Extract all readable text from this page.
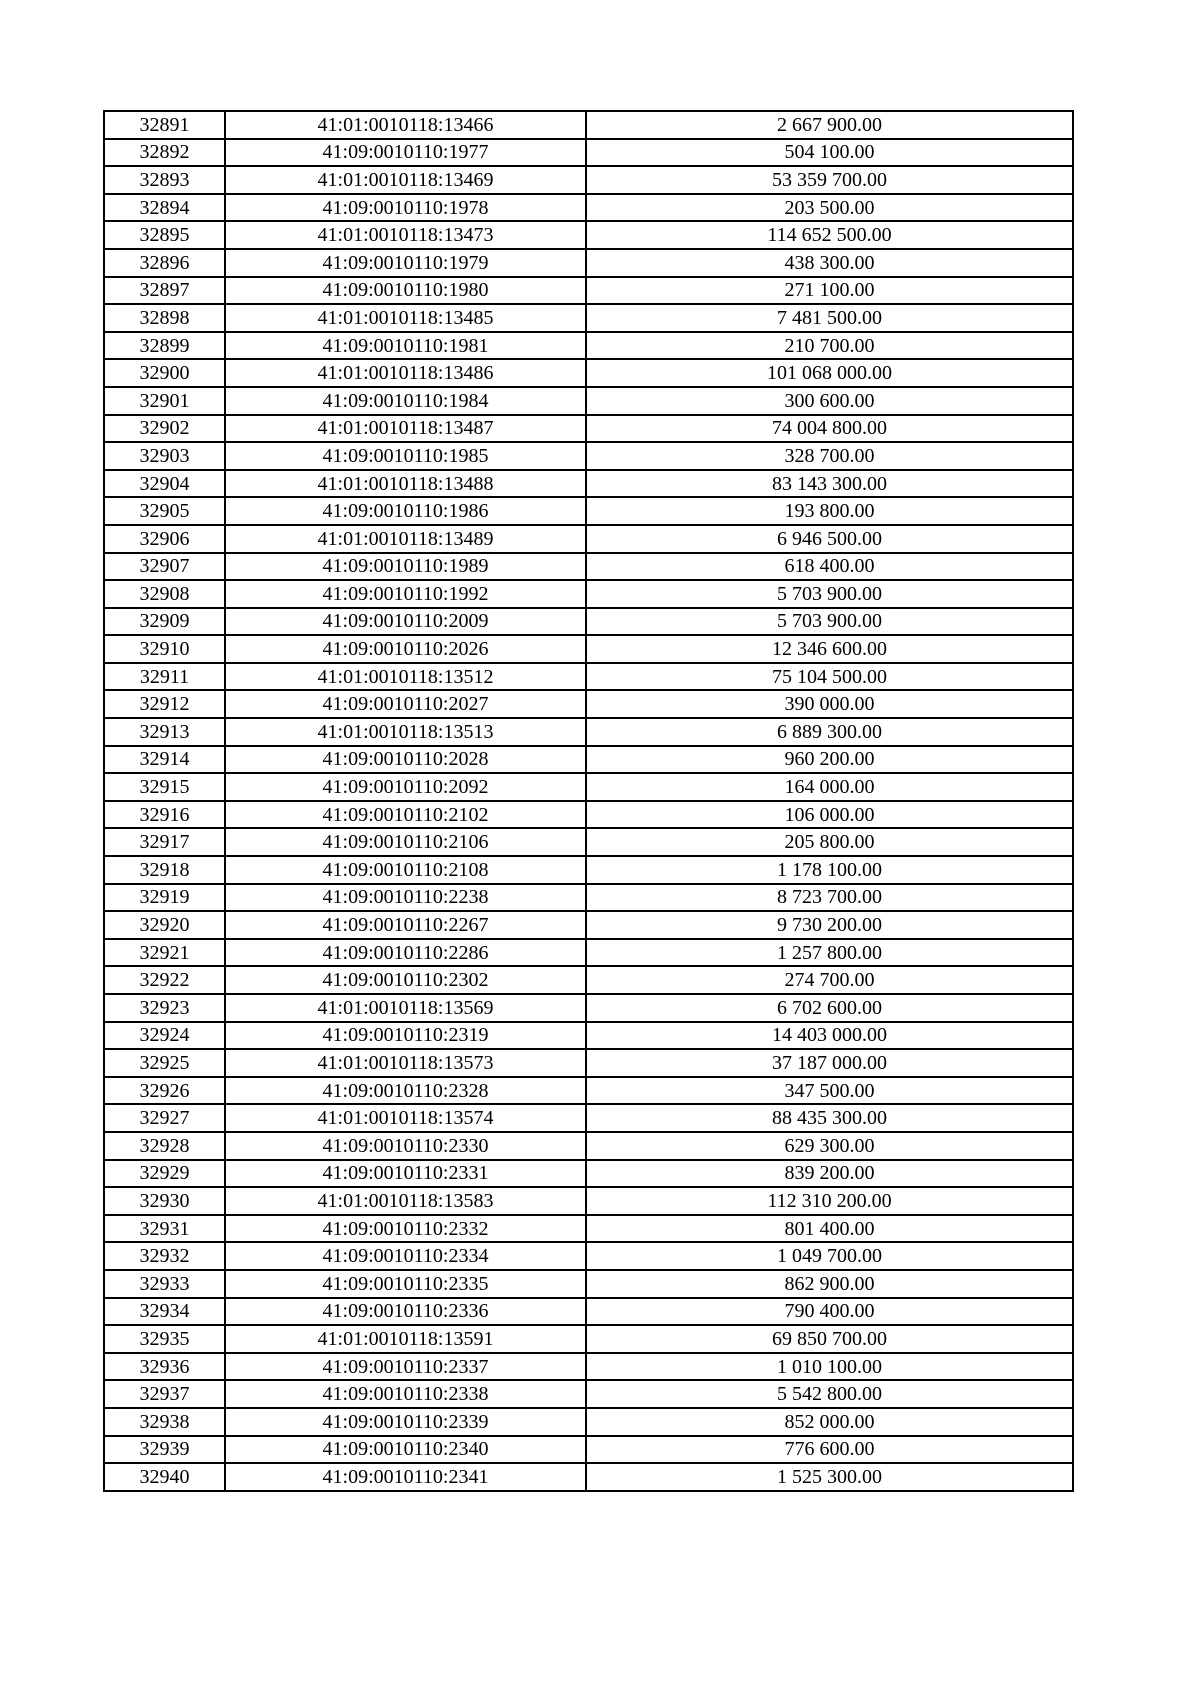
32891	41:01:0010118:13466	2 667 900.00
32892	41:09:0010110:1977	504 100.00
32893	41:01:0010118:13469	53 359 700.00
32894	41:09:0010110:1978	203 500.00
32895	41:01:0010118:13473	114 652 500.00
32896	41:09:0010110:1979	438 300.00
32897	41:09:0010110:1980	271 100.00
32898	41:01:0010118:13485	7 481 500.00
32899	41:09:0010110:1981	210 700.00
32900	41:01:0010118:13486	101 068 000.00
32901	41:09:0010110:1984	300 600.00
32902	41:01:0010118:13487	74 004 800.00
32903	41:09:0010110:1985	328 700.00
32904	41:01:0010118:13488	83 143 300.00
32905	41:09:0010110:1986	193 800.00
32906	41:01:0010118:13489	6 946 500.00
32907	41:09:0010110:1989	618 400.00
32908	41:09:0010110:1992	5 703 900.00
32909	41:09:0010110:2009	5 703 900.00
32910	41:09:0010110:2026	12 346 600.00
32911	41:01:0010118:13512	75 104 500.00
32912	41:09:0010110:2027	390 000.00
32913	41:01:0010118:13513	6 889 300.00
32914	41:09:0010110:2028	960 200.00
32915	41:09:0010110:2092	164 000.00
32916	41:09:0010110:2102	106 000.00
32917	41:09:0010110:2106	205 800.00
32918	41:09:0010110:2108	1 178 100.00
32919	41:09:0010110:2238	8 723 700.00
32920	41:09:0010110:2267	9 730 200.00
32921	41:09:0010110:2286	1 257 800.00
32922	41:09:0010110:2302	274 700.00
32923	41:01:0010118:13569	6 702 600.00
32924	41:09:0010110:2319	14 403 000.00
32925	41:01:0010118:13573	37 187 000.00
32926	41:09:0010110:2328	347 500.00
32927	41:01:0010118:13574	88 435 300.00
32928	41:09:0010110:2330	629 300.00
32929	41:09:0010110:2331	839 200.00
32930	41:01:0010118:13583	112 310 200.00
32931	41:09:0010110:2332	801 400.00
32932	41:09:0010110:2334	1 049 700.00
32933	41:09:0010110:2335	862 900.00
32934	41:09:0010110:2336	790 400.00
32935	41:01:0010118:13591	69 850 700.00
32936	41:09:0010110:2337	1 010 100.00
32937	41:09:0010110:2338	5 542 800.00
32938	41:09:0010110:2339	852 000.00
32939	41:09:0010110:2340	776 600.00
32940	41:09:0010110:2341	1 525 300.00
